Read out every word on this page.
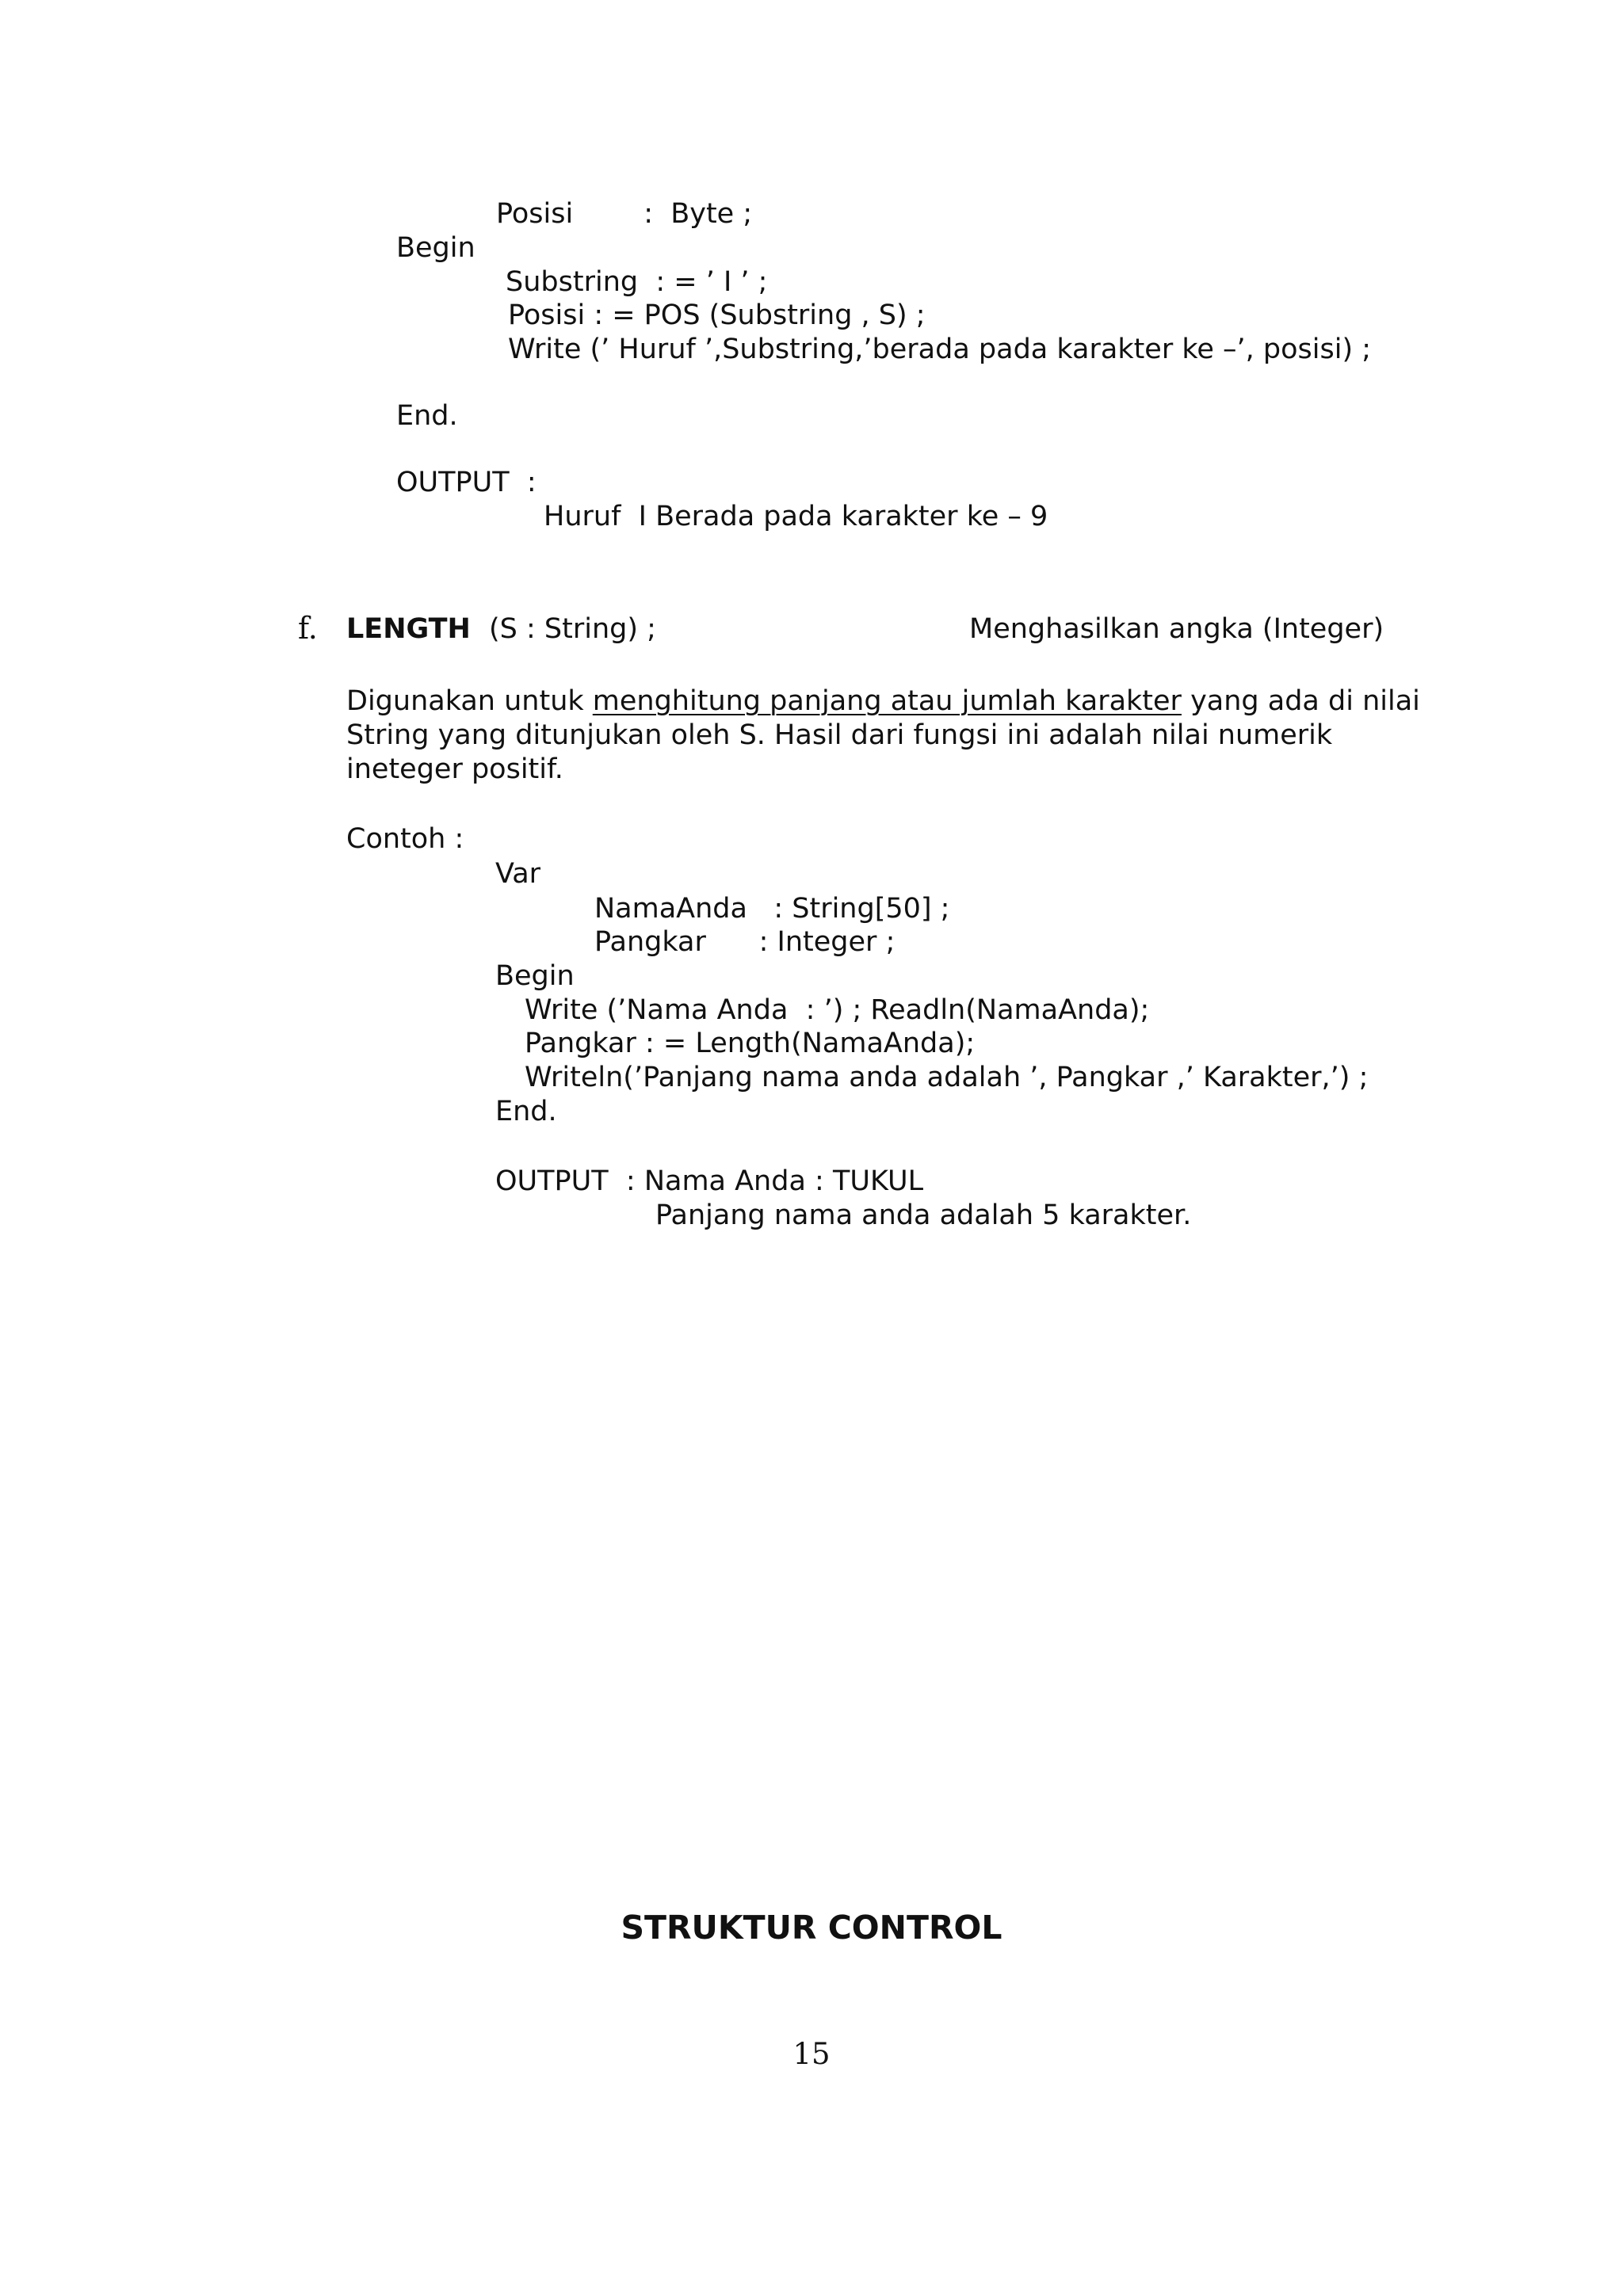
Posisi        :  Byte ;
Begin
Substring  : = ’ I ’ ;
Posisi : = POS (Substring , S) ;
Write (’ Huruf ’,Substring,’berada pada karakter ke –’, posisi) ;
End.
OUTPUT  :
Huruf  I Berada pada karakter ke – 9
f. LENGTH (S : String) ;	Menghasilkan angka (Integer)
Digunakan untuk menghitung panjang atau jumlah karakter yang ada di nilai
String yang ditunjukan oleh S. Hasil dari fungsi ini adalah nilai numerik
ineteger positif.
Contoh :
Var
NamaAnda   : String[50] ;
Pangkar      : Integer ;
Begin
Write (’Nama Anda  : ’) ; Readln(NamaAnda);
Pangkar : = Length(NamaAnda);
Writeln(’Panjang nama anda adalah ’, Pangkar ,’ Karakter,’) ;
End.
OUTPUT  : Nama Anda : TUKUL
Panjang nama anda adalah 5 karakter.
STRUKTUR CONTROL
15
